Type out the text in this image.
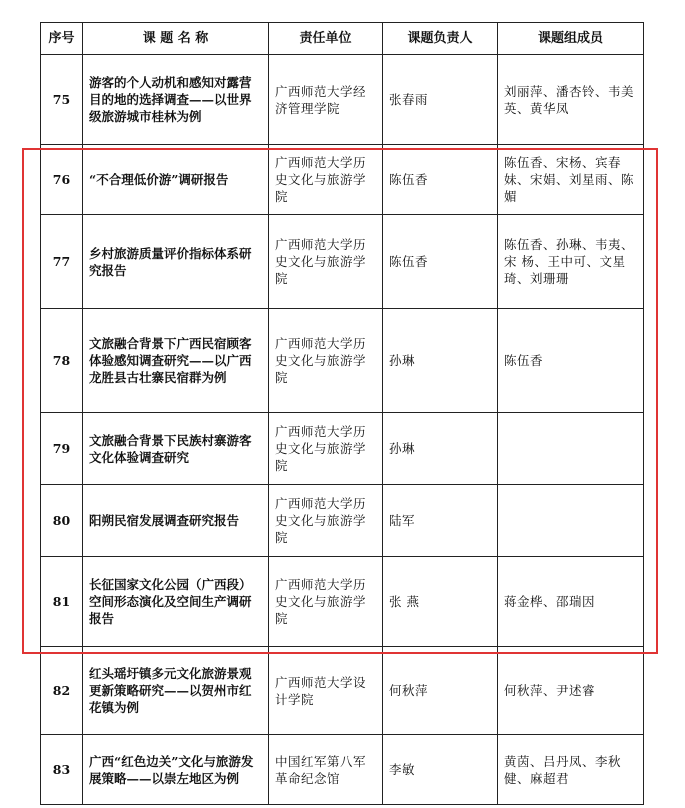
序号	课 题 名 称	责任单位	课题负责人	课题组成员
75	游客的个人动机和感知对露营目的地的选择调查——以世界级旅游城市桂林为例	广西师范大学经济管理学院	张春雨	刘丽萍、潘杏铃、韦美英、黄华凤
76	“不合理低价游”调研报告	广西师范大学历史文化与旅游学院	陈伍香	陈伍香、宋杨、宾春妹、宋娟、刘星雨、陈 媚
77	乡村旅游质量评价指标体系研究报告	广西师范大学历史文化与旅游学院	陈伍香	陈伍香、孙琳、韦夷、宋 杨、王中可、文星琦、刘珊珊
78	文旅融合背景下广西民宿顾客体验感知调查研究——以广西龙胜县古壮寨民宿群为例	广西师范大学历史文化与旅游学院	孙琳	陈伍香
79	文旅融合背景下民族村寨游客文化体验调查研究	广西师范大学历史文化与旅游学院	孙琳	
80	阳朔民宿发展调查研究报告	广西师范大学历史文化与旅游学院	陆军	
81	长征国家文化公园（广西段）空间形态演化及空间生产调研报告	广西师范大学历史文化与旅游学院	张 燕	蒋金桦、邵瑞因
82	红头瑶圩镇多元文化旅游景观更新策略研究——以贺州市红花镇为例	广西师范大学设计学院	何秋萍	何秋萍、尹述睿
83	广西“红色边关”文化与旅游发展策略——以崇左地区为例	中国红军第八军革命纪念馆	李敏	黄茵、吕丹凤、李秋健、麻超君
